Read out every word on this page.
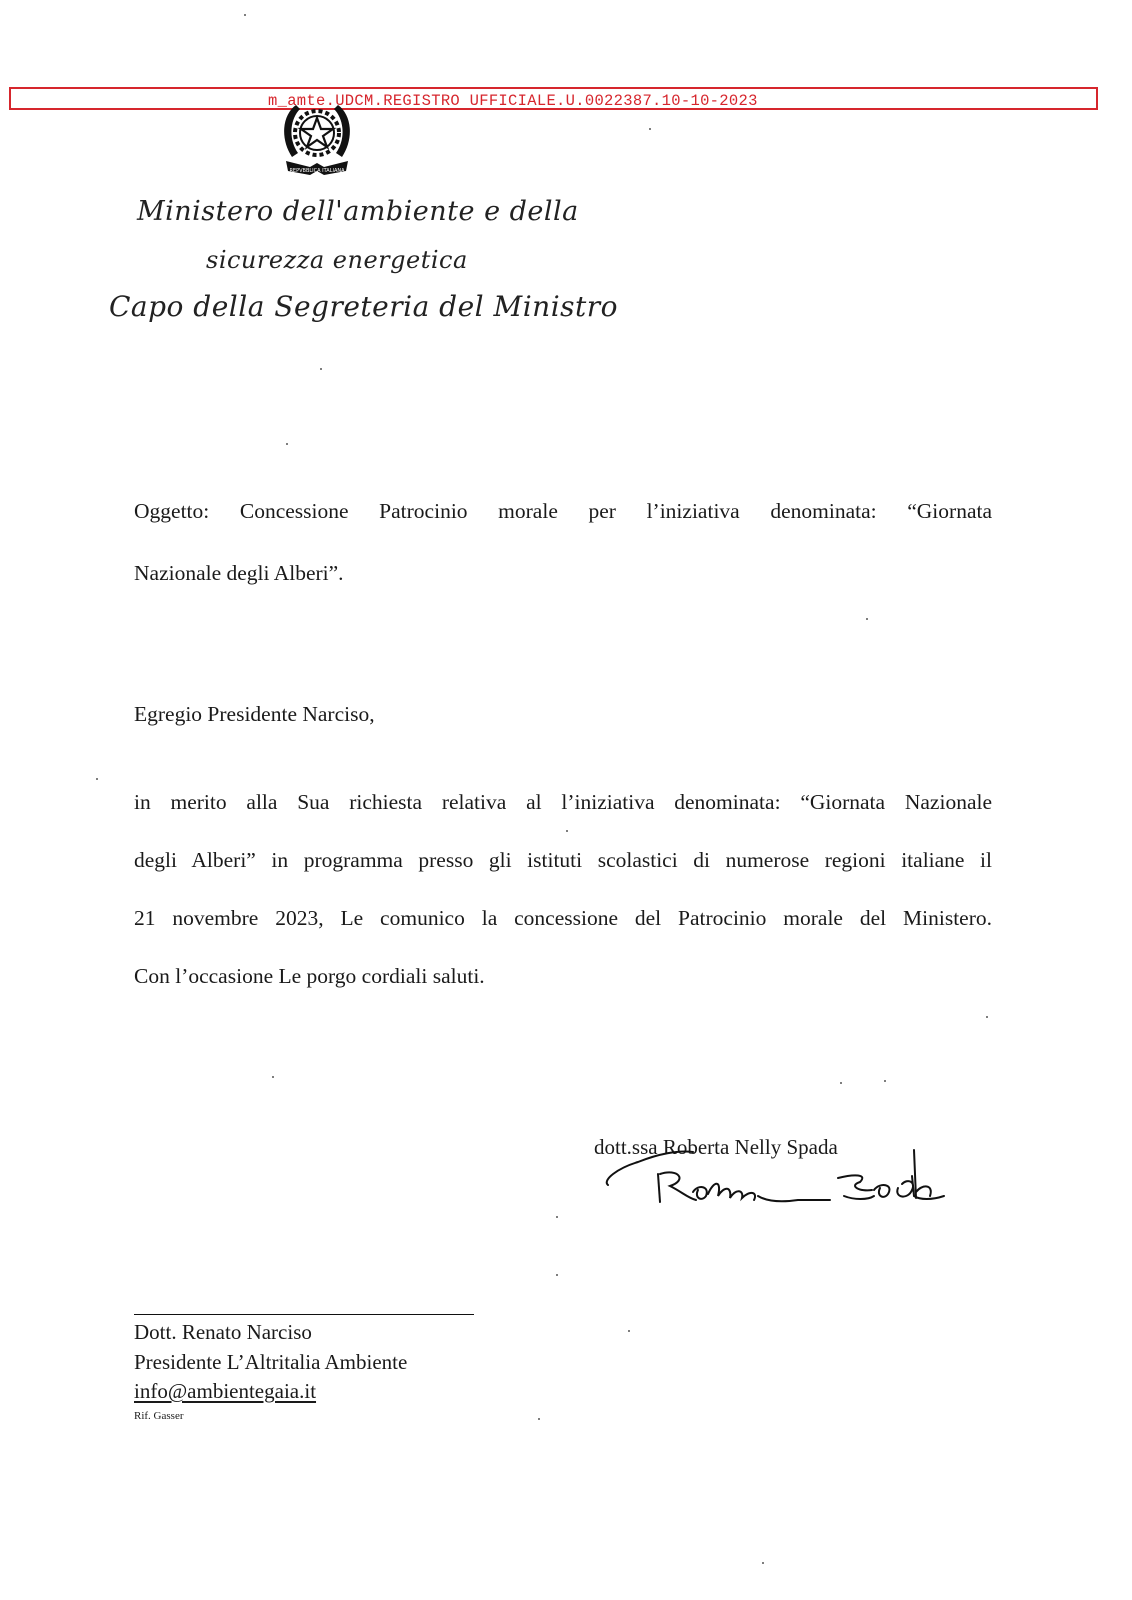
REPVBBLICA ITALIANA
m_amte.UDCM.REGISTRO UFFICIALE.U.0022387.10-10-2023
Ministero dell'ambiente e della
sicurezza energetica
Capo della Segreteria del Ministro
Oggetto: Concessione Patrocinio morale per l’iniziativa denominata: “Giornata
Nazionale degli Alberi”.
Egregio Presidente Narciso,
in merito alla Sua richiesta relativa al l’iniziativa denominata: “Giornata Nazionale
degli Alberi” in programma presso gli istituti scolastici di numerose regioni italiane il
21 novembre 2023, Le comunico la concessione del Patrocinio morale del Ministero.
Con l’occasione Le porgo cordiali saluti.
dott.ssa Roberta Nelly Spada
Dott. Renato Narciso
Presidente L’Altritalia Ambiente
info@ambientegaia.it
Rif. Gasser
